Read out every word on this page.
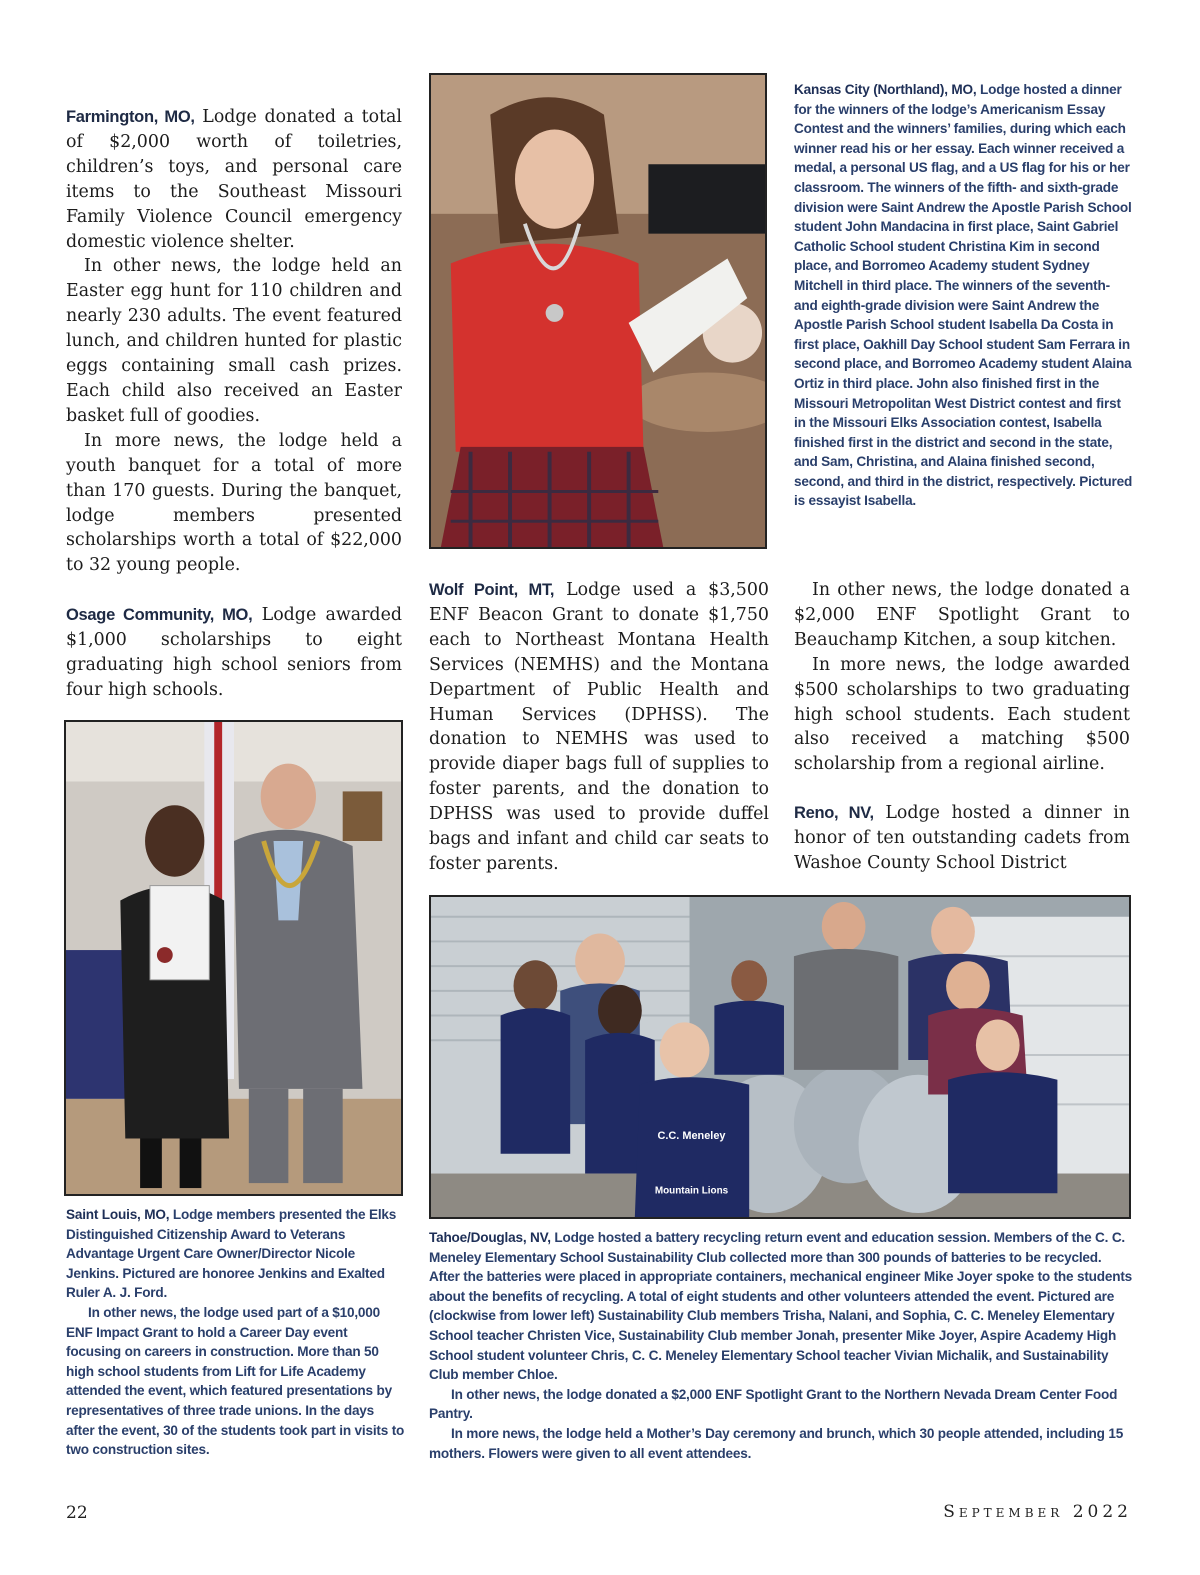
Farmington, MO, Lodge donated a total of $2,000 worth of toiletries, children’s toys, and personal care items to the Southeast Missouri Family Violence Council emergency domestic violence shelter.

In other news, the lodge held an Easter egg hunt for 110 children and nearly 230 adults. The event featured lunch, and children hunted for plastic eggs containing small cash prizes. Each child also received an Easter basket full of goodies.

In more news, the lodge held a youth banquet for a total of more than 170 guests. During the banquet, lodge members presented scholarships worth a total of $22,000 to 32 young people.

Osage Community, MO, Lodge awarded $1,000 scholarships to eight graduating high school seniors from four high schools.

Saint Louis, MO, Lodge members presented the Elks Distinguished Citizenship Award to Veterans Advantage Urgent Care Owner/Director Nicole Jenkins. Pictured are honoree Jenkins and Exalted Ruler A. J. Ford.

In other news, the lodge used part of a $10,000 ENF Impact Grant to hold a Career Day event focusing on careers in construction. More than 50 high school students from Lift for Life Academy attended the event, which featured presentations by representatives of three trade unions. In the days after the event, 30 of the students took part in visits to two construction sites.

Wolf Point, MT, Lodge used a $3,500 ENF Beacon Grant to donate $1,750 each to Northeast Montana Health Services (NEMHS) and the Montana Department of Public Health and Human Services (DPHSS). The donation to NEMHS was used to provide diaper bags full of supplies to foster parents, and the donation to DPHSS was used to provide duffel bags and infant and child car seats to foster parents.

Kansas City (Northland), MO, Lodge hosted a dinner for the winners of the lodge’s Americanism Essay Contest and the winners’ families, during which each winner read his or her essay. Each winner received a medal, a personal US flag, and a US flag for his or her classroom. The winners of the fifth- and sixth-grade division were Saint Andrew the Apostle Parish School student John Mandacina in first place, Saint Gabriel Catholic School student Christina Kim in second place, and Borromeo Academy student Sydney Mitchell in third place. The winners of the seventh- and eighth-grade division were Saint Andrew the Apostle Parish School student Isabella Da Costa in first place, Oakhill Day School student Sam Ferrara in second place, and Borromeo Academy student Alaina Ortiz in third place. John also finished first in the Missouri Metropolitan West District contest and first in the Missouri Elks Association contest, Isabella finished first in the district and second in the state, and Sam, Christina, and Alaina finished second, second, and third in the district, respectively. Pictured is essayist Isabella.

In other news, the lodge donated a $2,000 ENF Spotlight Grant to Beauchamp Kitchen, a soup kitchen.

In more news, the lodge awarded $500 scholarships to two graduating high school students. Each student also received a matching $500 scholarship from a regional airline.

Reno, NV, Lodge hosted a dinner in honor of ten outstanding cadets from Washoe County School District

C.C. Meneley
Mountain Lions

Tahoe/Douglas, NV, Lodge hosted a battery recycling return event and education session. Members of the C. C. Meneley Elementary School Sustainability Club collected more than 300 pounds of batteries to be recycled. After the batteries were placed in appropriate containers, mechanical engineer Mike Joyer spoke to the students about the benefits of recycling. A total of eight students and other volunteers attended the event. Pictured are (clockwise from lower left) Sustainability Club members Trisha, Nalani, and Sophia, C. C. Meneley Elementary School teacher Christen Vice, Sustainability Club member Jonah, presenter Mike Joyer, Aspire Academy High School student volunteer Chris, C. C. Meneley Elementary School teacher Vivian Michalik, and Sustainability Club member Chloe.

In other news, the lodge donated a $2,000 ENF Spotlight Grant to the Northern Nevada Dream Center Food Pantry.

In more news, the lodge held a Mother’s Day ceremony and brunch, which 30 people attended, including 15 mothers. Flowers were given to all event attendees.

22	September 2022
